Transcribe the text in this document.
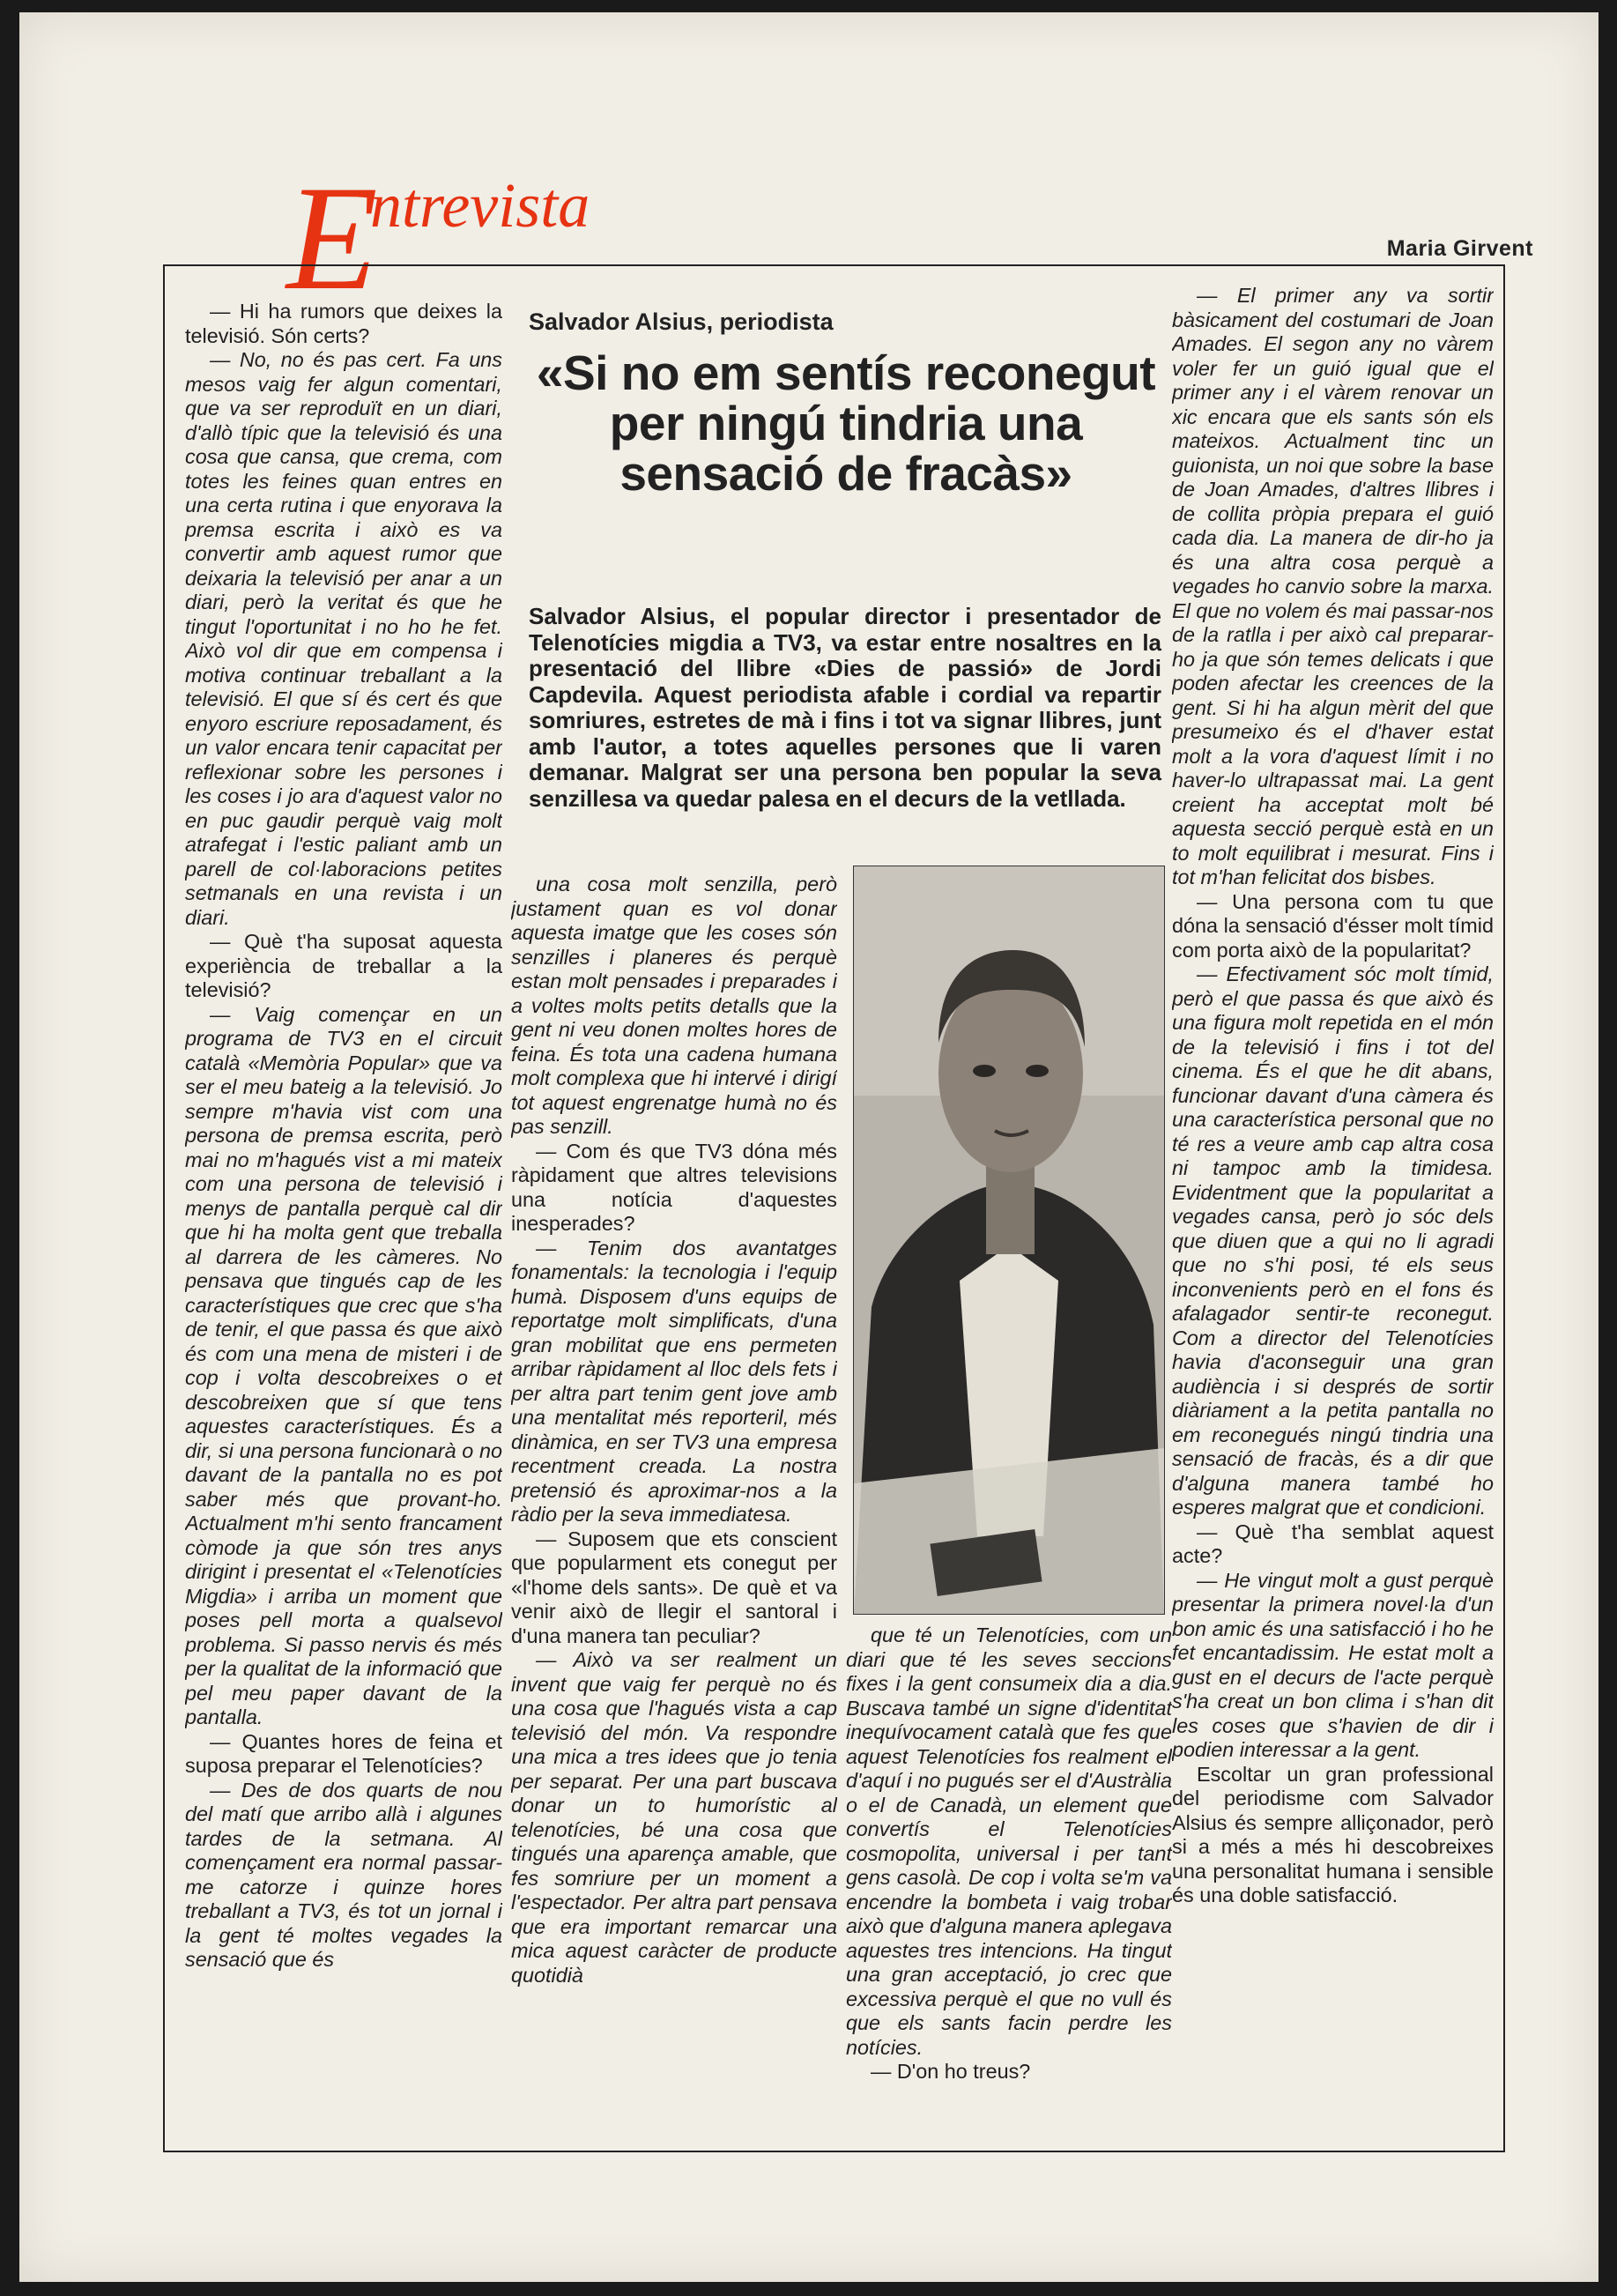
E
ntrevista
Maria Girvent
Salvador Alsius, periodista
«Si no em sentís reconegut per ningú tindria una sensació de fracàs»
Salvador Alsius, el popular director i presentador de Telenotícies migdia a TV3, va estar entre nosaltres en la presentació del llibre «Dies de passió» de Jordi Capdevila. Aquest periodista afable i cordial va repartir somriures, estretes de mà i fins i tot va signar llibres, junt amb l'autor, a totes aquelles persones que li varen demanar. Malgrat ser una persona ben popular la seva senzillesa va quedar palesa en el decurs de la vetllada.

— Hi ha rumors que deixes la televisió. Són certs?

— No, no és pas cert. Fa uns mesos vaig fer algun comentari, que va ser reproduït en un diari, d'allò típic que la televisió és una cosa que cansa, que crema, com totes les feines quan entres en una certa rutina i que enyorava la premsa escrita i això es va convertir amb aquest rumor que deixaria la televisió per anar a un diari, però la veritat és que he tingut l'oportunitat i no ho he fet. Això vol dir que em compensa i motiva continuar treballant a la televisió. El que sí és cert és que enyoro escriure reposadament, és un valor encara tenir capacitat per reflexionar sobre les persones i les coses i jo ara d'aquest valor no en puc gaudir perquè vaig molt atrafegat i l'estic paliant amb un parell de col·laboracions petites setmanals en una revista i un diari.

— Què t'ha suposat aquesta experiència de treballar a la televisió?

— Vaig començar en un programa de TV3 en el circuit català «Memòria Popular» que va ser el meu bateig a la televisió. Jo sempre m'havia vist com una persona de premsa escrita, però mai no m'hagués vist a mi mateix com una persona de televisió i menys de pantalla perquè cal dir que hi ha molta gent que treballa al darrera de les càmeres. No pensava que tingués cap de les característiques que crec que s'ha de tenir, el que passa és que això és com una mena de misteri i de cop i volta descobreixes o et descobreixen que sí que tens aquestes característiques. És a dir, si una persona funcionarà o no davant de la pantalla no es pot saber més que provant-ho. Actualment m'hi sento francament còmode ja que són tres anys dirigint i presentat el «Telenotícies Migdia» i arriba un moment que poses pell morta a qualsevol problema. Si passo nervis és més per la qualitat de la informació que pel meu paper davant de la pantalla.

— Quantes hores de feina et suposa preparar el Telenotícies?

— Des de dos quarts de nou del matí que arribo allà i algunes tardes de la setmana. Al començament era normal passar-me catorze i quinze hores treballant a TV3, és tot un jornal i la gent té moltes vegades la sensació que és

una cosa molt senzilla, però justament quan es vol donar aquesta imatge que les coses són senzilles i planeres és perquè estan molt pensades i preparades i a voltes molts petits detalls que la gent ni veu donen moltes hores de feina. És tota una cadena humana molt complexa que hi intervé i dirigí tot aquest engrenatge humà no és pas senzill.

— Com és que TV3 dóna més ràpidament que altres televisions una notícia d'aquestes inesperades?

— Tenim dos avantatges fonamentals: la tecnologia i l'equip humà. Disposem d'uns equips de reportatge molt simplificats, d'una gran mobilitat que ens permeten arribar ràpidament al lloc dels fets i per altra part tenim gent jove amb una mentalitat més reporteril, més dinàmica, en ser TV3 una empresa recentment creada. La nostra pretensió és aproximar-nos a la ràdio per la seva immediatesa.

— Suposem que ets conscient que popularment ets conegut per «l'home dels sants». De què et va venir això de llegir el santoral i d'una manera tan peculiar?

— Això va ser realment un invent que vaig fer perquè no és una cosa que l'hagués vista a cap televisió del món. Va respondre una mica a tres idees que jo tenia per separat. Per una part buscava donar un to humorístic al telenotícies, bé una cosa que tingués una aparença amable, que fes somriure per un moment a l'espectador. Per altra part pensava que era important remarcar una mica aquest caràcter de producte quotidià

que té un Telenotícies, com un diari que té les seves seccions fixes i la gent consumeix dia a dia. Buscava també un signe d'identitat inequívocament català que fes que aquest Telenotícies fos realment el d'aquí i no pugués ser el d'Austràlia o el de Canadà, un element que convertís el Telenotícies cosmopolita, universal i per tant gens casolà. De cop i volta se'm va encendre la bombeta i vaig trobar això que d'alguna manera aplegava aquestes tres intencions. Ha tingut una gran acceptació, jo crec que excessiva perquè el que no vull és que els sants facin perdre les notícies.

— D'on ho treus?

— El primer any va sortir bàsicament del costumari de Joan Amades. El segon any no vàrem voler fer un guió igual que el primer any i el vàrem renovar un xic encara que els sants són els mateixos. Actualment tinc un guionista, un noi que sobre la base de Joan Amades, d'altres llibres i de collita pròpia prepara el guió cada dia. La manera de dir-ho ja és una altra cosa perquè a vegades ho canvio sobre la marxa. El que no volem és mai passar-nos de la ratlla i per això cal preparar-ho ja que són temes delicats i que poden afectar les creences de la gent. Si hi ha algun mèrit del que presumeixo és el d'haver estat molt a la vora d'aquest límit i no haver-lo ultrapassat mai. La gent creient ha acceptat molt bé aquesta secció perquè està en un to molt equilibrat i mesurat. Fins i tot m'han felicitat dos bisbes.

— Una persona com tu que dóna la sensació d'ésser molt tímid com porta això de la popularitat?

— Efectivament sóc molt tímid, però el que passa és que això és una figura molt repetida en el món de la televisió i fins i tot del cinema. És el que he dit abans, funcionar davant d'una càmera és una característica personal que no té res a veure amb cap altra cosa ni tampoc amb la timidesa. Evidentment que la popularitat a vegades cansa, però jo sóc dels que diuen que a qui no li agradi que no s'hi posi, té els seus inconvenients però en el fons és afalagador sentir-te reconegut. Com a director del Telenotícies havia d'aconseguir una gran audiència i si després de sortir diàriament a la petita pantalla no em reconegués ningú tindria una sensació de fracàs, és a dir que d'alguna manera també ho esperes malgrat que et condicioni.

— Què t'ha semblat aquest acte?

— He vingut molt a gust perquè presentar la primera novel·la d'un bon amic és una satisfacció i ho he fet encantadissim. He estat molt a gust en el decurs de l'acte perquè s'ha creat un bon clima i s'han dit les coses que s'havien de dir i podien interessar a la gent.

Escoltar un gran professional del periodisme com Salvador Alsius és sempre alliçonador, però si a més a més hi descobreixes una personalitat humana i sensible és una doble satisfacció.
